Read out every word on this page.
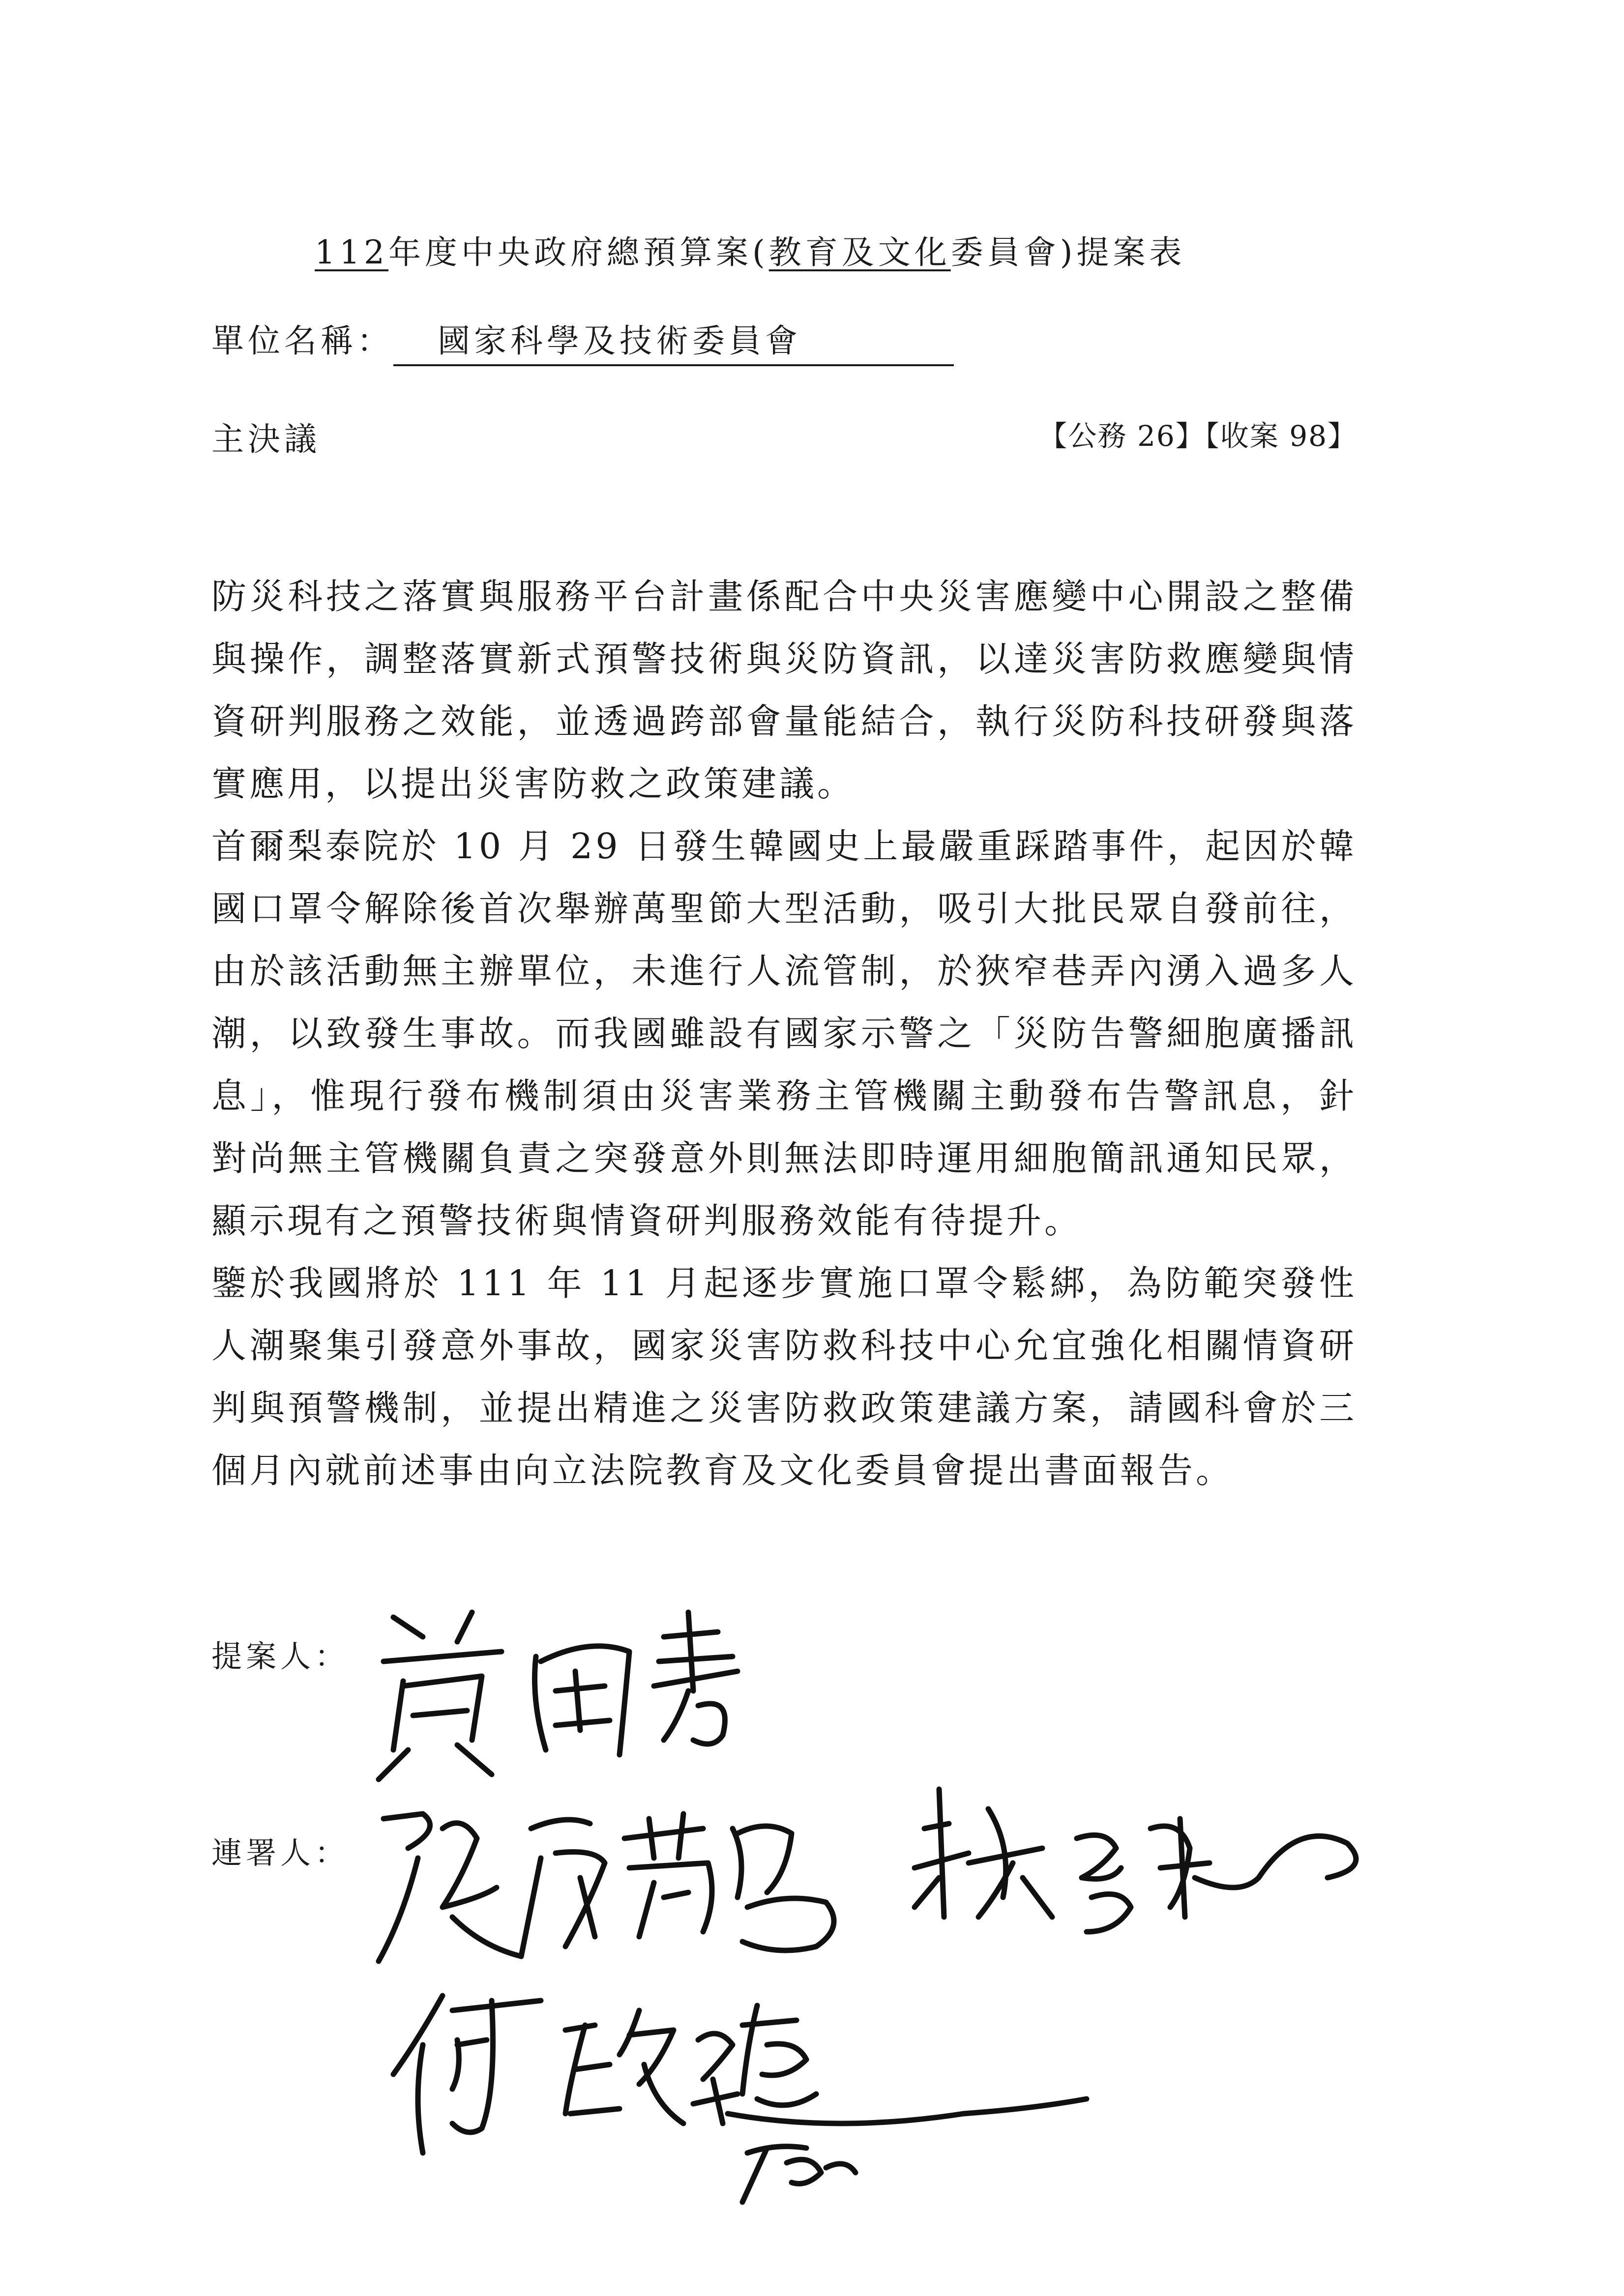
112年度中央政府總預算案(教育及文化委員會)提案表
單位名稱： 國家科學及技術委員會
主決議	【公務 26】【收案 98】

防災科技之落實與服務平台計畫係配合中央災害應變中心開設之整備與操作，調整落實新式預警技術與災防資訊，以達災害防救應變與情資研判服務之效能，並透過跨部會量能結合，執行災防科技研發與落實應用，以提出災害防救之政策建議。

首爾梨泰院於 10 月 29 日發生韓國史上最嚴重踩踏事件，起因於韓國口罩令解除後首次舉辦萬聖節大型活動，吸引大批民眾自發前往，由於該活動無主辦單位，未進行人流管制，於狹窄巷弄內湧入過多人潮，以致發生事故。而我國雖設有國家示警之「災防告警細胞廣播訊息」，惟現行發布機制須由災害業務主管機關主動發布告警訊息，針對尚無主管機關負責之突發意外則無法即時運用細胞簡訊通知民眾，顯示現有之預警技術與情資研判服務效能有待提升。

鑒於我國將於 111 年 11 月起逐步實施口罩令鬆綁，為防範突發性人潮聚集引發意外事故，國家災害防救科技中心允宜強化相關情資研判與預警機制，並提出精進之災害防救政策建議方案，請國科會於三個月內就前述事由向立法院教育及文化委員會提出書面報告。

提案人：
連署人：
